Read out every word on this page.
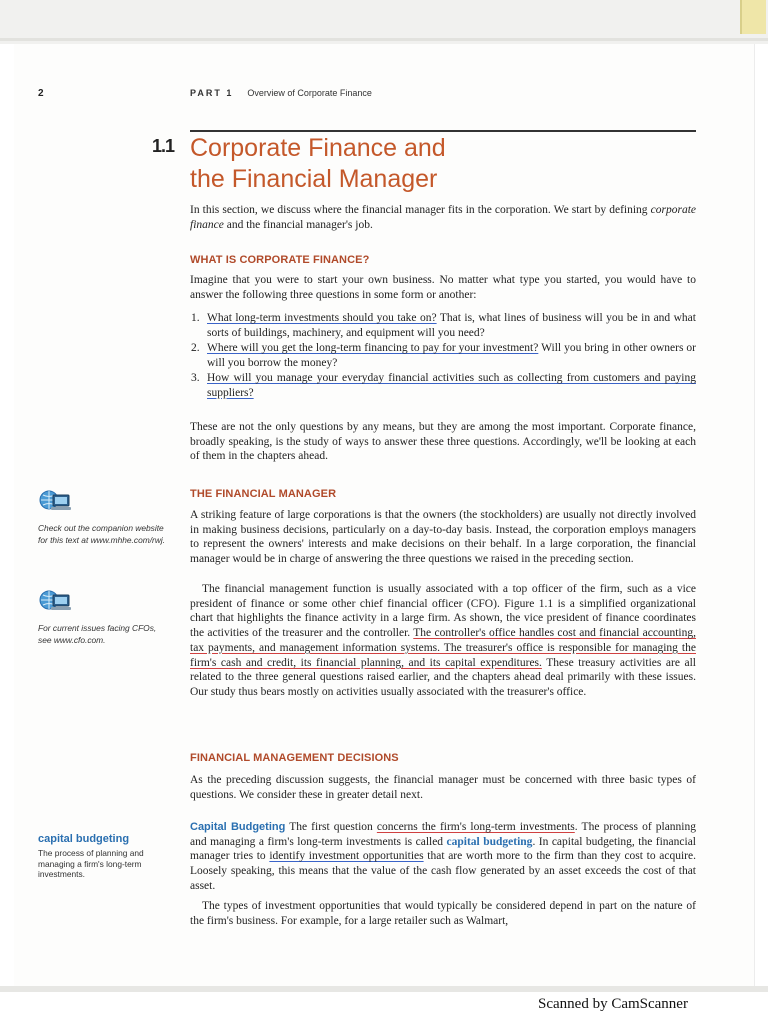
2	PART 1 Overview of Corporate Finance
1.1 Corporate Finance and
the Financial Manager
In this section, we discuss where the financial manager fits in the corporation. We start by defining corporate finance and the financial manager's job.
WHAT IS CORPORATE FINANCE?
Imagine that you were to start your own business. No matter what type you started, you would have to answer the following three questions in some form or another:
1. What long-term investments should you take on? That is, what lines of business will you be in and what sorts of buildings, machinery, and equipment will you need?
2. Where will you get the long-term financing to pay for your investment? Will you bring in other owners or will you borrow the money?
3. How will you manage your everyday financial activities such as collecting from customers and paying suppliers?
These are not the only questions by any means, but they are among the most important. Corporate finance, broadly speaking, is the study of ways to answer these three questions. Accordingly, we'll be looking at each of them in the chapters ahead.
THE FINANCIAL MANAGER
A striking feature of large corporations is that the owners (the stockholders) are usually not directly involved in making business decisions, particularly on a day-to-day basis. Instead, the corporation employs managers to represent the owners' interests and make decisions on their behalf. In a large corporation, the financial manager would be in charge of answering the three questions we raised in the preceding section.
The financial management function is usually associated with a top officer of the firm, such as a vice president of finance or some other chief financial officer (CFO). Figure 1.1 is a simplified organizational chart that highlights the finance activity in a large firm. As shown, the vice president of finance coordinates the activities of the treasurer and the controller. The controller's office handles cost and financial accounting, tax payments, and management information systems. The treasurer's office is responsible for managing the firm's cash and credit, its financial planning, and its capital expenditures. These treasury activities are all related to the three general questions raised earlier, and the chapters ahead deal primarily with these issues. Our study thus bears mostly on activities usually associated with the treasurer's office.
FINANCIAL MANAGEMENT DECISIONS
As the preceding discussion suggests, the financial manager must be concerned with three basic types of questions. We consider these in greater detail next.
Capital Budgeting The first question concerns the firm's long-term investments. The process of planning and managing a firm's long-term investments is called capital budgeting. In capital budgeting, the financial manager tries to identify investment opportunities that are worth more to the firm than they cost to acquire. Loosely speaking, this means that the value of the cash flow generated by an asset exceeds the cost of that asset.
The types of investment opportunities that would typically be considered depend in part on the nature of the firm's business. For example, for a large retailer such as Walmart,
Check out the companion website for this text at www.mhhe.com/rwj.
For current issues facing CFOs, see www.cfo.com.
capital budgeting
The process of planning and managing a firm's long-term investments.
Scanned by CamScanner
